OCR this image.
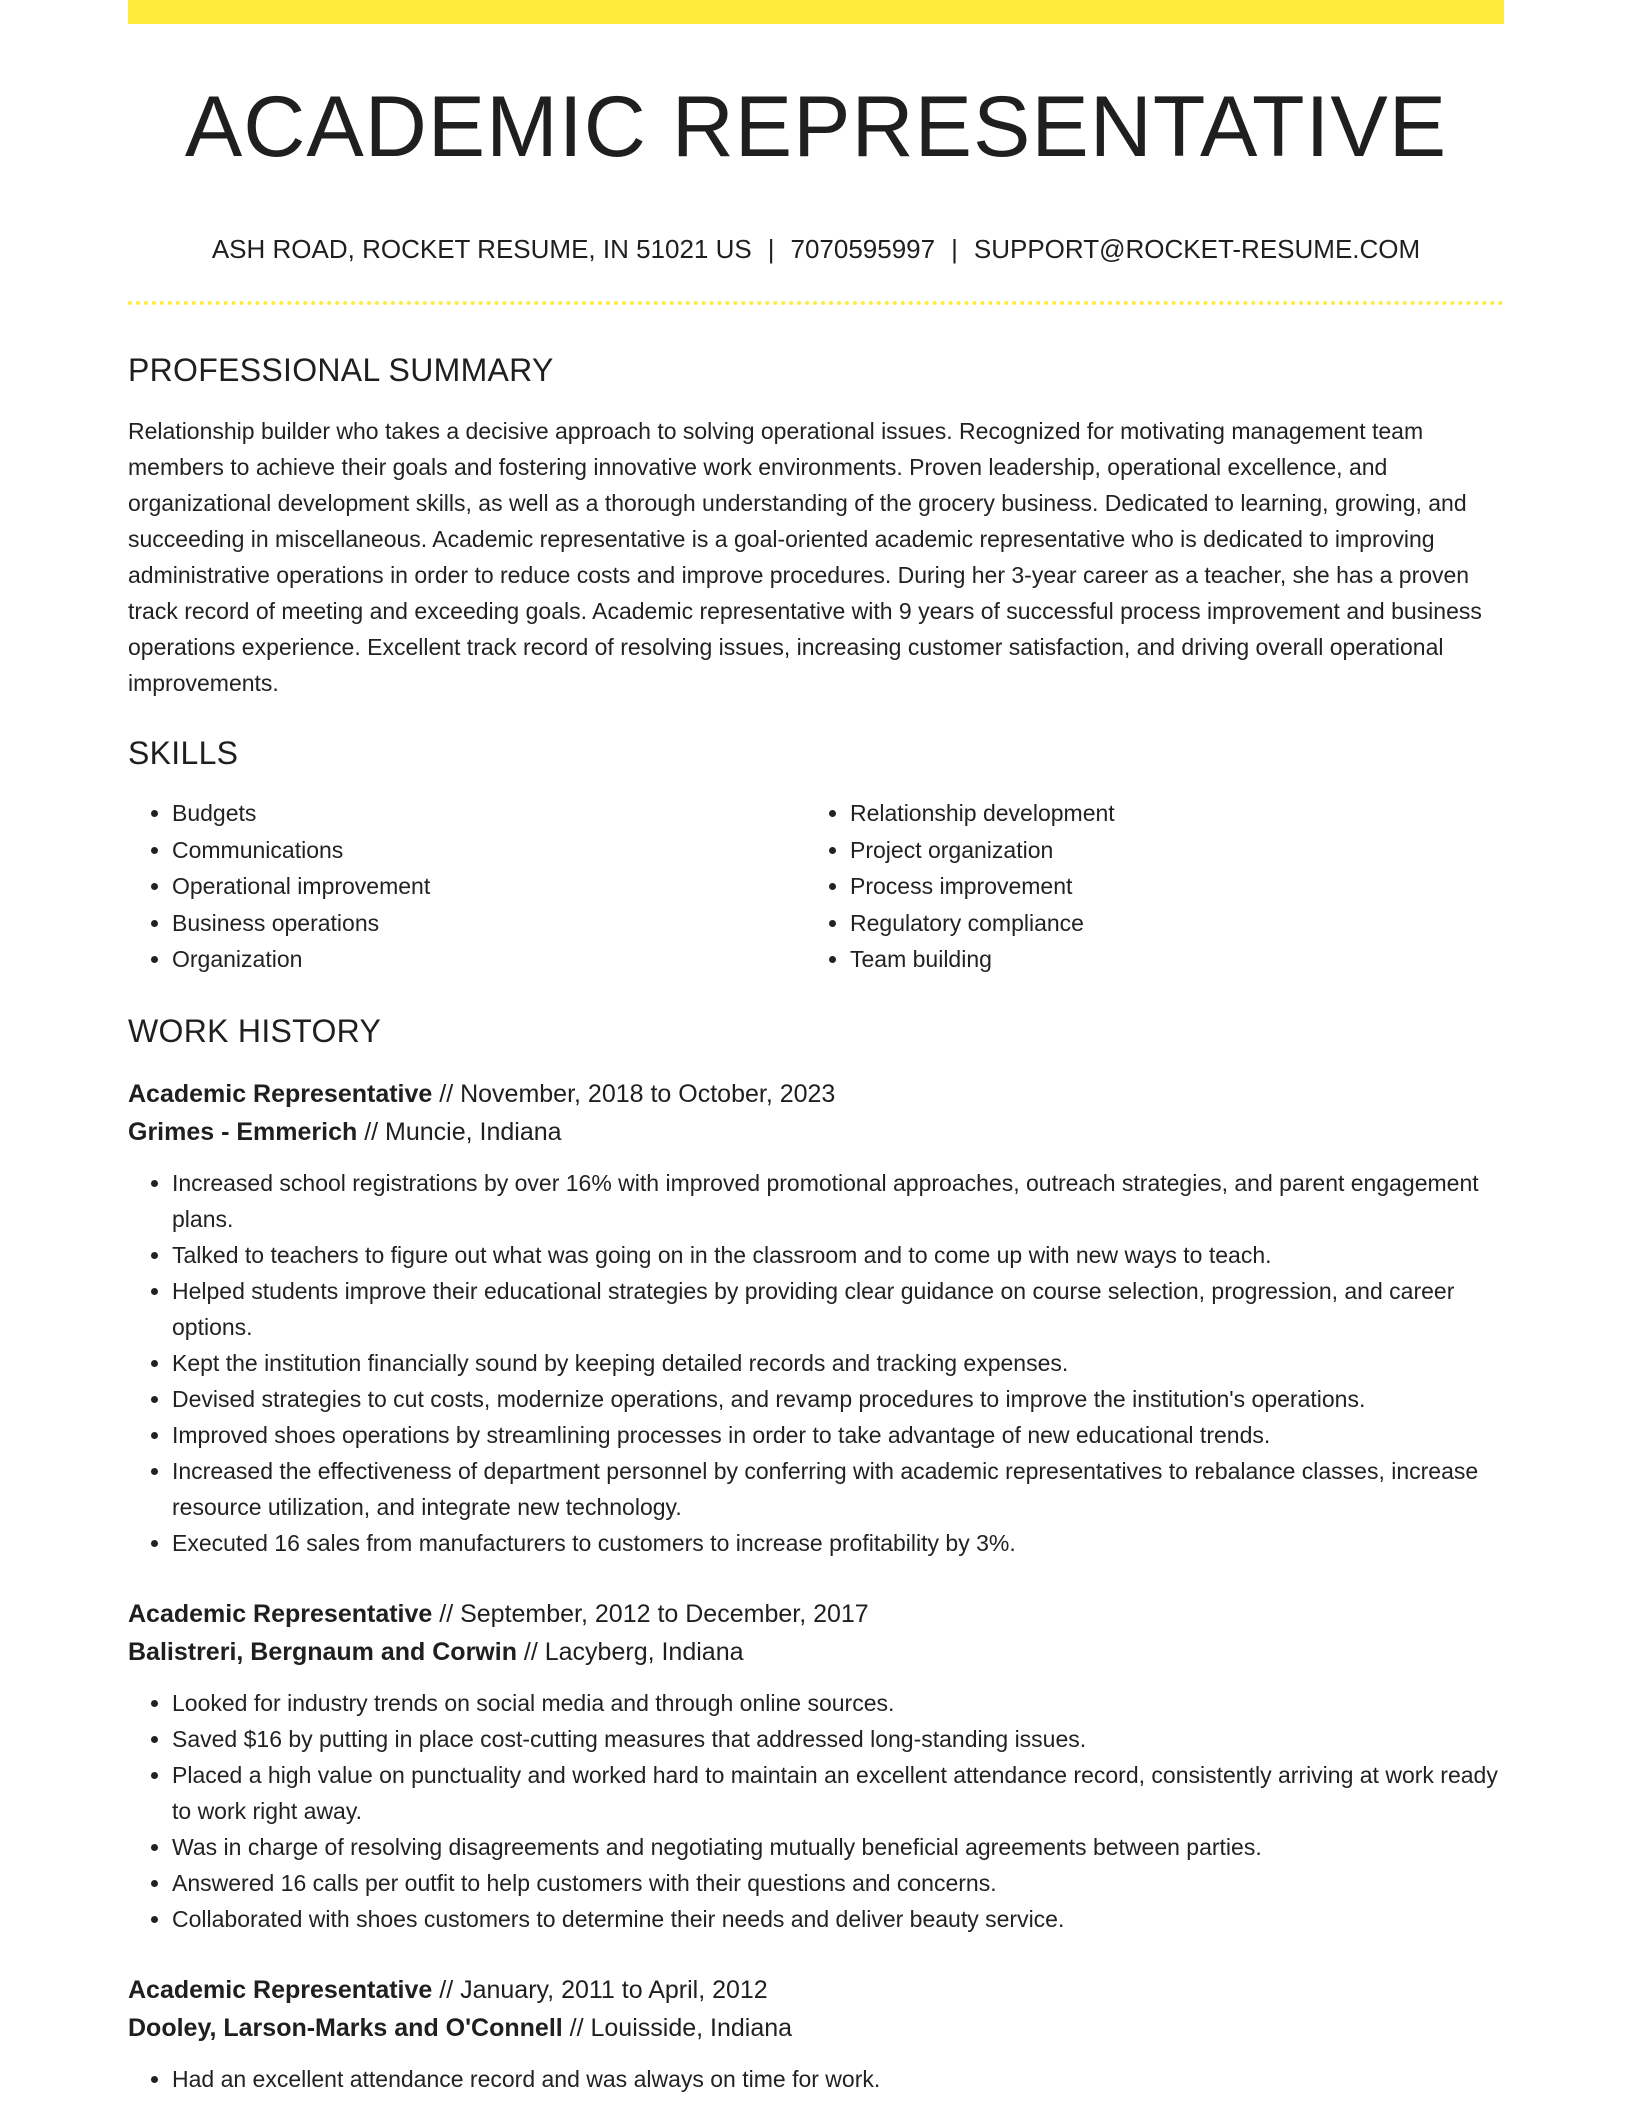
ACADEMIC REPRESENTATIVE
ASH ROAD, ROCKET RESUME, IN 51021 US | 7070595997 | SUPPORT@ROCKET-RESUME.COM
PROFESSIONAL SUMMARY

Relationship builder who takes a decisive approach to solving operational issues. Recognized for motivating management team members to achieve their goals and fostering innovative work environments. Proven leadership, operational excellence, and organizational development skills, as well as a thorough understanding of the grocery business. Dedicated to learning, growing, and succeeding in miscellaneous. Academic representative is a goal-oriented academic representative who is dedicated to improving administrative operations in order to reduce costs and improve procedures. During her 3-year career as a teacher, she has a proven track record of meeting and exceeding goals. Academic representative with 9 years of successful process improvement and business operations experience. Excellent track record of resolving issues, increasing customer satisfaction, and driving overall operational improvements.

SKILLS
• Budgets
• Communications
• Operational improvement
• Business operations
• Organization
• Relationship development
• Project organization
• Process improvement
• Regulatory compliance
• Team building
WORK HISTORY
Academic Representative // November, 2018 to October, 2023
Grimes - Emmerich // Muncie, Indiana
• Increased school registrations by over 16% with improved promotional approaches, outreach strategies, and parent engagement plans.
• Talked to teachers to figure out what was going on in the classroom and to come up with new ways to teach.
• Helped students improve their educational strategies by providing clear guidance on course selection, progression, and career options.
• Kept the institution financially sound by keeping detailed records and tracking expenses.
• Devised strategies to cut costs, modernize operations, and revamp procedures to improve the institution's operations.
• Improved shoes operations by streamlining processes in order to take advantage of new educational trends.
• Increased the effectiveness of department personnel by conferring with academic representatives to rebalance classes, increase resource utilization, and integrate new technology.
• Executed 16 sales from manufacturers to customers to increase profitability by 3%.
Academic Representative // September, 2012 to December, 2017
Balistreri, Bergnaum and Corwin // Lacyberg, Indiana
• Looked for industry trends on social media and through online sources.
• Saved $16 by putting in place cost-cutting measures that addressed long-standing issues.
• Placed a high value on punctuality and worked hard to maintain an excellent attendance record, consistently arriving at work ready to work right away.
• Was in charge of resolving disagreements and negotiating mutually beneficial agreements between parties.
• Answered 16 calls per outfit to help customers with their questions and concerns.
• Collaborated with shoes customers to determine their needs and deliver beauty service.
Academic Representative // January, 2011 to April, 2012
Dooley, Larson-Marks and O'Connell // Louisside, Indiana
• Had an excellent attendance record and was always on time for work.
